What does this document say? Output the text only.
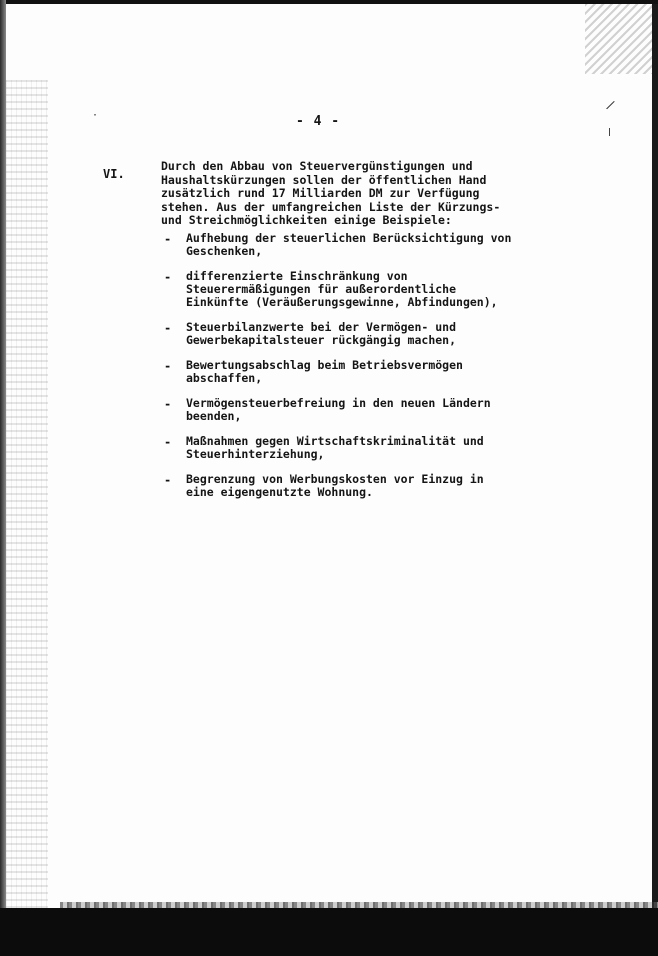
·
/
- 4 -
VI.
Durch den Abbau von Steuervergünstigungen und
Haushaltskürzungen sollen der öffentlichen Hand
zusätzlich rund 17 Milliarden DM zur Verfügung
stehen. Aus der umfangreichen Liste der Kürzungs-
und Streichmöglichkeiten einige Beispiele:
- Aufhebung der steuerlichen Berücksichtigung von
Geschenken,
- differenzierte Einschränkung von
Steuerermäßigungen für außerordentliche
Einkünfte (Veräußerungsgewinne, Abfindungen),
- Steuerbilanzwerte bei der Vermögen- und
Gewerbekapitalsteuer rückgängig machen,
- Bewertungsabschlag beim Betriebsvermögen
abschaffen,
- Vermögensteuerbefreiung in den neuen Ländern
beenden,
- Maßnahmen gegen Wirtschaftskriminalität und
Steuerhinterziehung,
- Begrenzung von Werbungskosten vor Einzug in
eine eigengenutzte Wohnung.
